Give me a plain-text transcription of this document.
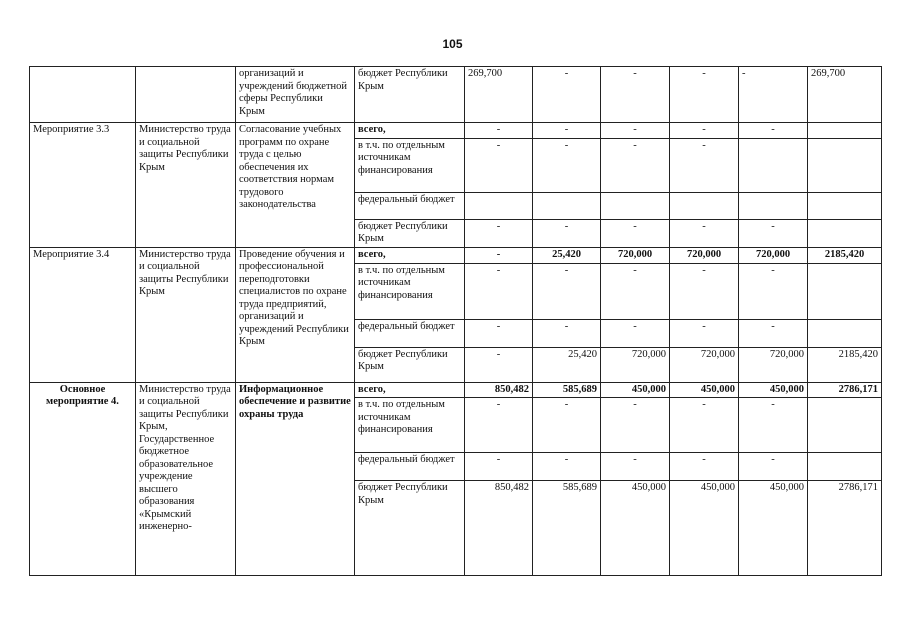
105
		организаций и учреждений бюджетной сферы Республики Крым	бюджет Республики Крым	269,700	-	-	-	-	269,700
Мероприятие 3.3	Министерство труда и социальной защиты Республики Крым	Согласование учебных программ по охране труда с целью обеспечения их соответствия нормам трудового законодательства	всего,	-	-	-	-	-	
			в т.ч. по отдельным источникам финансирования	-	-	-	-		
			федеральный бюджет						
			бюджет Республики Крым	-	-	-	-	-	
Мероприятие 3.4	Министерство труда и социальной защиты Республики Крым	Проведение обучения и профессиональной переподготовки специалистов по охране труда предприятий, организаций и учреждений Республики Крым	всего,	-	25,420	720,000	720,000	720,000	2185,420
			в т.ч. по отдельным источникам финансирования	-	-	-	-	-	
			федеральный бюджет	-	-	-	-	-	
			бюджет Республики Крым	-	25,420	720,000	720,000	720,000	2185,420
Основное мероприятие 4.	Министерство труда и социальной защиты Республики Крым, Государственное бюджетное образовательное учреждение высшего образования «Крымский инженерно-	Информационное обеспечение и развитие охраны труда	всего,	850,482	585,689	450,000	450,000	450,000	2786,171
			в т.ч. по отдельным источникам финансирования	-	-	-	-	-	
			федеральный бюджет	-	-	-	-	-	
			бюджет Республики Крым	850,482	585,689	450,000	450,000	450,000	2786,171
